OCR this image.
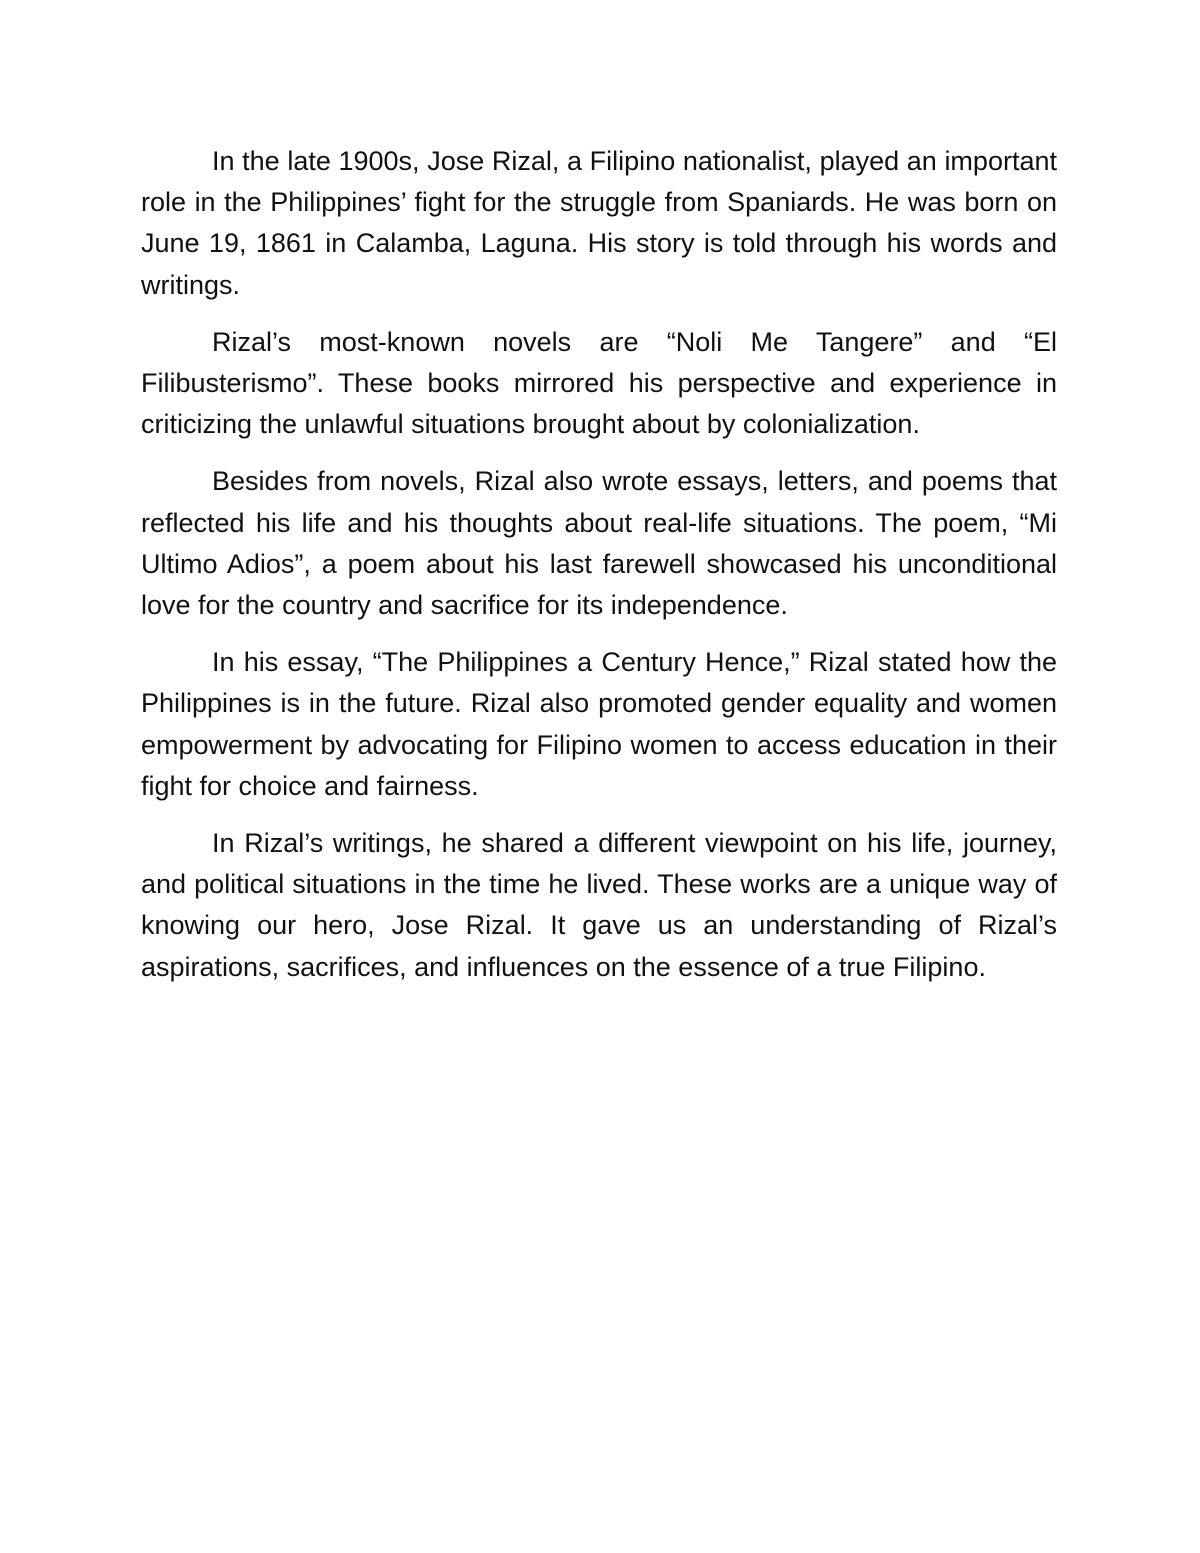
In the late 1900s, Jose Rizal, a Filipino nationalist, played an important role in the Philippines’ fight for the struggle from Spaniards. He was born on June 19, 1861 in Calamba, Laguna. His story is told through his words and writings.

Rizal’s most-known novels are “Noli Me Tangere” and “El Filibusterismo”. These books mirrored his perspective and experience in criticizing the unlawful situations brought about by colonialization.

Besides from novels, Rizal also wrote essays, letters, and poems that reflected his life and his thoughts about real-life situations. The poem, “Mi Ultimo Adios”, a poem about his last farewell showcased his unconditional love for the country and sacrifice for its independence.

In his essay, “The Philippines a Century Hence,” Rizal stated how the Philippines is in the future. Rizal also promoted gender equality and women empowerment by advocating for Filipino women to access education in their fight for choice and fairness.

In Rizal’s writings, he shared a different viewpoint on his life, journey, and political situations in the time he lived. These works are a unique way of knowing our hero, Jose Rizal. It gave us an understanding of Rizal’s aspirations, sacrifices, and influences on the essence of a true Filipino.
